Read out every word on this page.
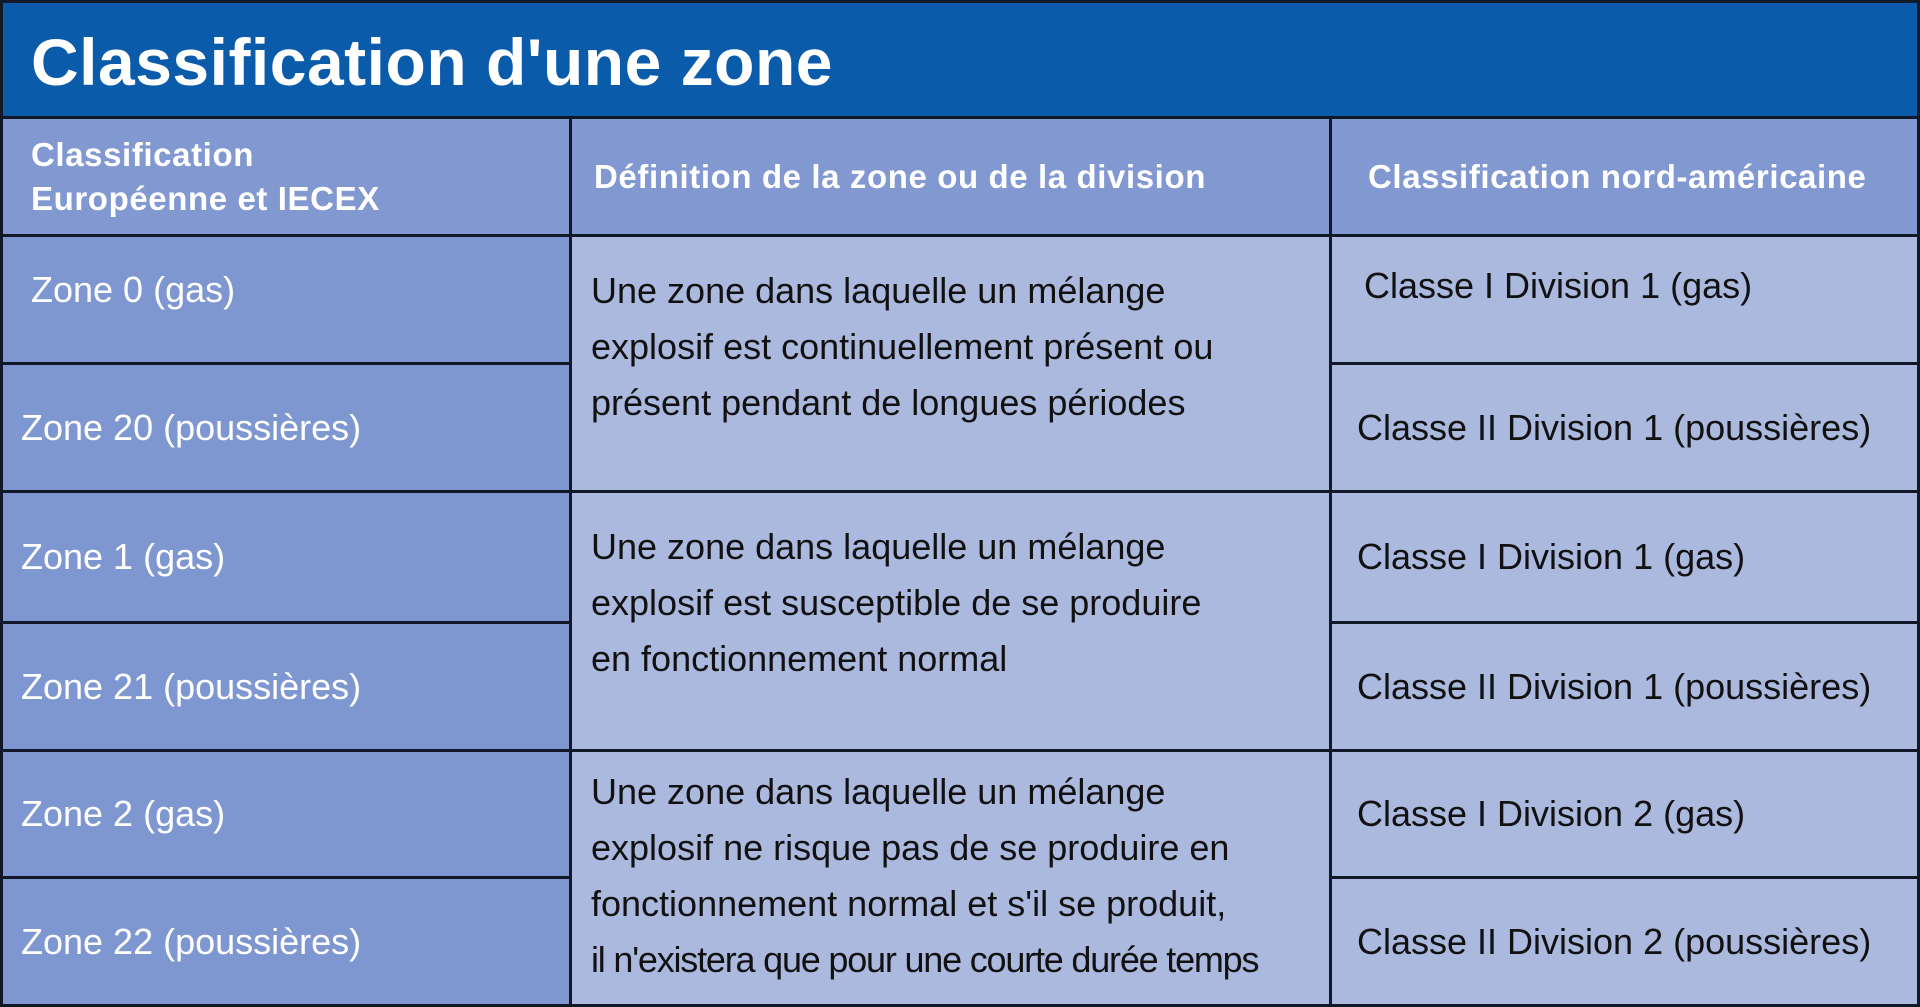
Classification d'une zone
Classification
Européenne et IECEX
Définition de la zone ou de la division	Classification nord-américaine
Zone 0 (gas)
Zone 20 (poussières)
Zone 1 (gas)
Zone 21 (poussières)
Zone 2 (gas)
Zone 22 (poussières)
Une zone dans laquelle un mélange
explosif est continuellement présent ou
présent pendant de longues périodes
Une zone dans laquelle un mélange
explosif est susceptible de se produire
en fonctionnement normal
Une zone dans laquelle un mélange
explosif ne risque pas de se produire en
fonctionnement normal et s'il se produit,
il n'existera que pour une courte durée temps
Classe I Division 1 (gas)
Classe II Division 1 (poussières)
Classe I Division 1 (gas)
Classe II Division 1 (poussières)
Classe I Division 2 (gas)
Classe II Division 2 (poussières)
